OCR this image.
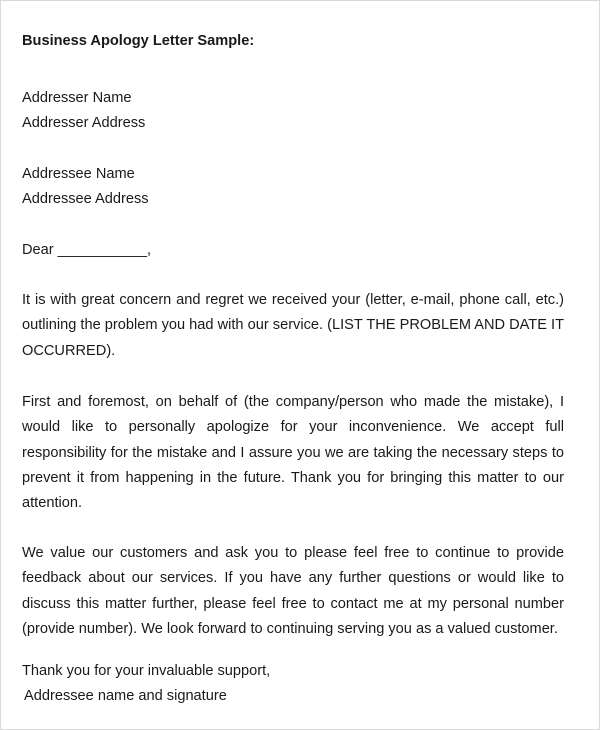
Business Apology Letter Sample:
Addresser Name
Addresser Address
Addressee Name
Addressee Address
Dear ___________,
It is with great concern and regret we received your (letter, e-mail, phone call, etc.) outlining the problem you had with our service. (LIST THE PROBLEM AND DATE IT OCCURRED).
First and foremost, on behalf of (the company/person who made the mistake), I would like to personally apologize for your inconvenience. We accept full responsibility for the mistake and I assure you we are taking the necessary steps to prevent it from happening in the future. Thank you for bringing this matter to our attention.
We value our customers and ask you to please feel free to continue to provide feedback about our services. If you have any further questions or would like to discuss this matter further, please feel free to contact me at my personal number (provide number). We look forward to continuing serving you as a valued customer.
Thank you for your invaluable support,
Addressee name and signature
